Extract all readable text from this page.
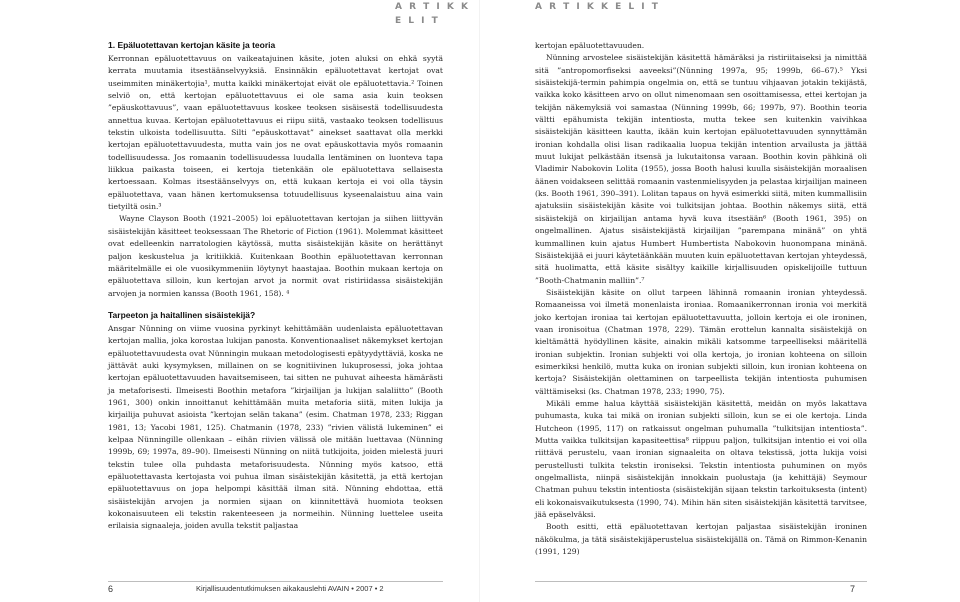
A R T I K K E L I T
A R T I K K E L I T
1. Epäluotettavan kertojan käsite ja teoria

Kerronnan epäluotettavuus on vaikeatajuinen käsite, joten aluksi on ehkä syytä kerrata muutamia itsestäänselvyyksiä. Ensinnäkin epäluotettavat kertojat ovat useimmiten minäkertojia¹, mutta kaikki minäkertojat eivät ole epäluotettavia.² Toinen selviö on, että kertojan epäluotettavuus ei ole sama asia kuin teoksen ”epäuskottavuus”, vaan epäluotettavuus koskee teoksen sisäisestä todellisuudesta annettua kuvaa. Kertojan epäluotettavuus ei riipu siitä, vastaako teoksen todellisuus tekstin ulkoista todellisuutta. Silti ”epäuskottavat” ainekset saattavat olla merkki kertojan epäluotettavuudesta, mutta vain jos ne ovat epäuskottavia myös romaanin todellisuudessa. Jos romaanin todellisuudessa luudalla lentäminen on luonteva tapa liikkua paikasta toiseen, ei kertoja tietenkään ole epäluotettava sellaisesta kertoessaan. Kolmas itsestäänselvyys on, että kukaan kertoja ei voi olla täysin epäluotettava, vaan hänen kertomuksensa totuudellisuus kyseenalaistuu aina vain tietyiltä osin.³

Wayne Clayson Booth (1921–2005) loi epäluotettavan kertojan ja siihen liittyvän sisäistekijän käsitteet teoksessaan The Rhetoric of Fiction (1961). Molemmat käsitteet ovat edelleenkin narratologien käytössä, mutta sisäistekijän käsite on herättänyt paljon keskustelua ja kritiikkiä. Kuitenkaan Boothin epäluotettavan kerronnan määritelmälle ei ole vuosikymmeniin löytynyt haastajaa. Boothin mukaan kertoja on epäluotettava silloin, kun kertojan arvot ja normit ovat ristiriidassa sisäistekijän arvojen ja normien kanssa (Booth 1961, 158). ⁴

Tarpeeton ja haitallinen sisäistekijä?

Ansgar Nünning on viime vuosina pyrkinyt kehittämään uudenlaista epäluotettavan kertojan mallia, joka korostaa lukijan panosta. Konventionaaliset näkemykset kertojan epäluotettavuudesta ovat Nünningin mukaan metodologisesti epätyydyttäviä, koska ne jättävät auki kysymyksen, millainen on se kognitiivinen lukuprosessi, joka johtaa kertojan epäluotettavuuden havaitsemiseen, tai sitten ne puhuvat aiheesta hämärästi ja metaforisesti. Ilmeisesti Boothin metafora ”kirjailijan ja lukijan salaliitto” (Booth 1961, 300) onkin innoittanut kehittämään muita metaforia siitä, miten lukija ja kirjailija puhuvat asioista ”kertojan selän takana” (esim. Chatman 1978, 233; Riggan 1981, 13; Yacobi 1981, 125). Chatmanin (1978, 233) ”rivien välistä lukeminen” ei kelpaa Nünningille ollenkaan – eihän riivien välissä ole mitään luettavaa (Nünning 1999b, 69; 1997a, 89–90). Ilmeisesti Nünning on niitä tutkijoita, joiden mielestä juuri tekstin tulee olla puhdasta metaforisuudesta. Nünning myös katsoo, että epäluotettavasta kertojasta voi puhua ilman sisäistekijän käsitettä, ja että kertojan epäluotettavuus on jopa helpompi käsittää ilman sitä. Nünning ehdottaa, että sisäistekijän arvojen ja normien sijaan on kiinnitettävä huomiota teoksen kokonaisuuteen eli tekstin rakenteeseen ja normeihin. Nünning luettelee useita erilaisia signaaleja, joiden avulla tekstit paljastaa

kertojan epäluotettavuuden.

Nünning arvostelee sisäistekijän käsitettä hämäräksi ja ristiriitaiseksi ja nimittää sitä ”antropomorfiseksi aaveeksi”(Nünning 1997a, 95; 1999b, 66–67).⁵ Yksi sisäistekijä-termin pahimpia ongelmia on, että se tuntuu vihjaavan jotakin tekijästä, vaikka koko käsitteen arvo on ollut nimenomaan sen osoittamisessa, ettei kertojan ja tekijän näkemyksiä voi samastaa (Nünning 1999b, 66; 1997b, 97). Boothin teoria vältti epähumista tekijän intentiosta, mutta tekee sen kuitenkin vaivihkaa sisäistekijän käsitteen kautta, ikään kuin kertojan epäluotettavuuden synnyttämän ironian kohdalla olisi lisan radikaalia luopua tekijän intention arvailusta ja jättää muut lukijat pelkästään itsensä ja lukutaitonsa varaan. Boothin kovin pähkinä oli Vladimir Nabokovin Lolita (1955), jossa Booth halusi kuulla sisäistekijän moraalisen äänen voidakseen selittää romaanin vastenmielisyyden ja pelastaa kirjailijan maineen (ks. Booth 1961, 390–391). Lolitan tapaus on hyvä esimerkki siitä, miten kummallisiin ajatuksiin sisäistekijän käsite voi tulkitsijan johtaa. Boothin näkemys siitä, että sisäistekijä on kirjailijan antama hyvä kuva itsestään⁶ (Booth 1961, 395) on ongelmallinen. Ajatus sisäistekijästä kirjailijan ”parempana minänä” on yhtä kummallinen kuin ajatus Humbert Humbertista Nabokovin huonompana minänä. Sisäistekijää ei juuri käytetäänkään muuten kuin epäluotettavan kertojan yhteydessä, sitä huolimatta, että käsite sisältyy kaikille kirjallisuuden opiskelijoille tuttuun ”Booth-Chatmanin malliin”.⁷

Sisäistekijän käsite on ollut tarpeen lähinnä romaanin ironian yhteydessä. Romaaneissa voi ilmetä monenlaista ironiaa. Romaanikerronnan ironia voi merkitä joko kertojan ironiaa tai kertojan epäluotettavuutta, jolloin kertoja ei ole ironinen, vaan ironisoitua (Chatman 1978, 229). Tämän erottelun kannalta sisäistekijä on kieltämättä hyödyllinen käsite, ainakin mikäli katsomme tarpeelliseksi määritellä ironian subjektin. Ironian subjekti voi olla kertoja, jo ironian kohteena on silloin esimerkiksi henkilö, mutta kuka on ironian subjekti silloin, kun ironian kohteena on kertoja? Sisäistekijän olettaminen on tarpeellista tekijän intentiosta puhumisen välttämiseksi (ks. Chatman 1978, 233; 1990, 75).

Mikäli emme halua käyttää sisäistekijän käsitettä, meidän on myös lakattava puhumasta, kuka tai mikä on ironian subjekti silloin, kun se ei ole kertoja. Linda Hutcheon (1995, 117) on ratkaissut ongelman puhumalla ”tulkitsijan intentiosta”. Mutta vaikka tulkitsijan kapasiteettisa⁸ riippuu paljon, tulkitsijan intentio ei voi olla riittävä perustelu, vaan ironian signaaleita on oltava tekstissä, jotta lukija voisi perustellusti tulkita tekstin ironiseksi. Tekstin intentiosta puhuminen on myös ongelmallista, niinpä sisäistekijän innokkain puolustaja (ja kehittäjä) Seymour Chatman puhuu tekstin intentiosta (sisäistekijän sijaan tekstin tarkoituksesta (intent) eli kokonaisvaikutuksesta (1990, 74). Mihin hän siten sisäistekijän käsitettä tarvitsee, jää epäselväksi.

Booth esitti, että epäluotettavan kertojan paljastaa sisäistekijän ironinen näkökulma, ja tätä sisäistekijäperustelua sisäistekijällä on. Tämä on Rimmon-Kenanin (1991, 129)

6	Kirjallisuudentutkimuksen aikakauslehti AVAIN • 2007 • 2	7
